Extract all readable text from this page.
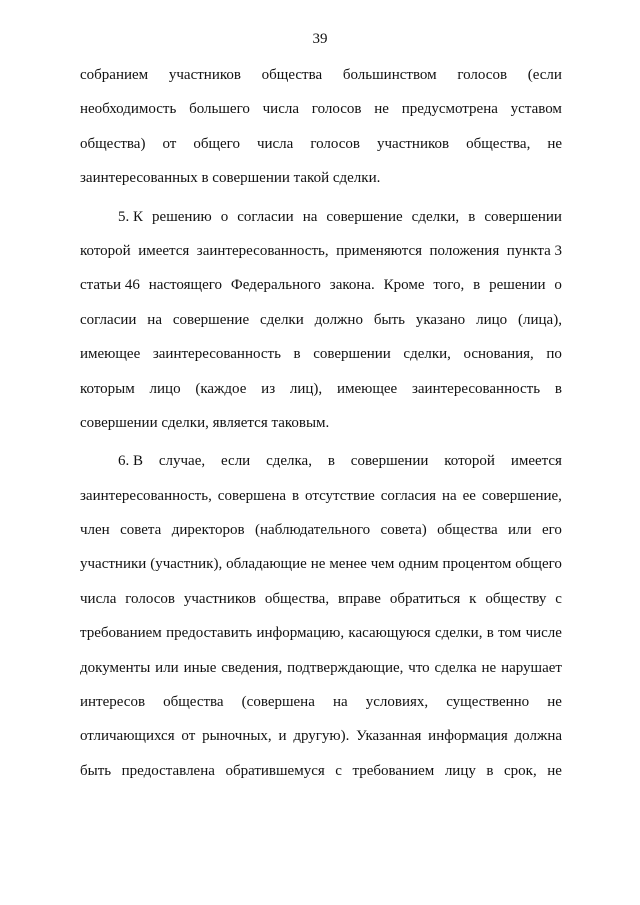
39
собранием участников общества большинством голосов (если
необходимость большего числа голосов не предусмотрена уставом
общества) от общего числа голосов участников общества, не
заинтересованных в совершении такой сделки.
5. К решению о согласии на совершение сделки, в совершении
которой имеется заинтересованность, применяются положения пункта 3
статьи 46 настоящего Федерального закона. Кроме того, в решении о
согласии на совершение сделки должно быть указано лицо (лица),
имеющее заинтересованность в совершении сделки, основания, по
которым лицо (каждое из лиц), имеющее заинтересованность в
совершении сделки, является таковым.
6. В случае, если сделка, в совершении которой имеется
заинтересованность, совершена в отсутствие согласия на ее совершение,
член совета директоров (наблюдательного совета) общества или его
участники (участник), обладающие не менее чем одним процентом общего
числа голосов участников общества, вправе обратиться к обществу с
требованием предоставить информацию, касающуюся сделки, в том числе
документы или иные сведения, подтверждающие, что сделка не нарушает
интересов общества (совершена на условиях, существенно не
отличающихся от рыночных, и другую). Указанная информация должна
быть предоставлена обратившемуся с требованием лицу в срок, не
